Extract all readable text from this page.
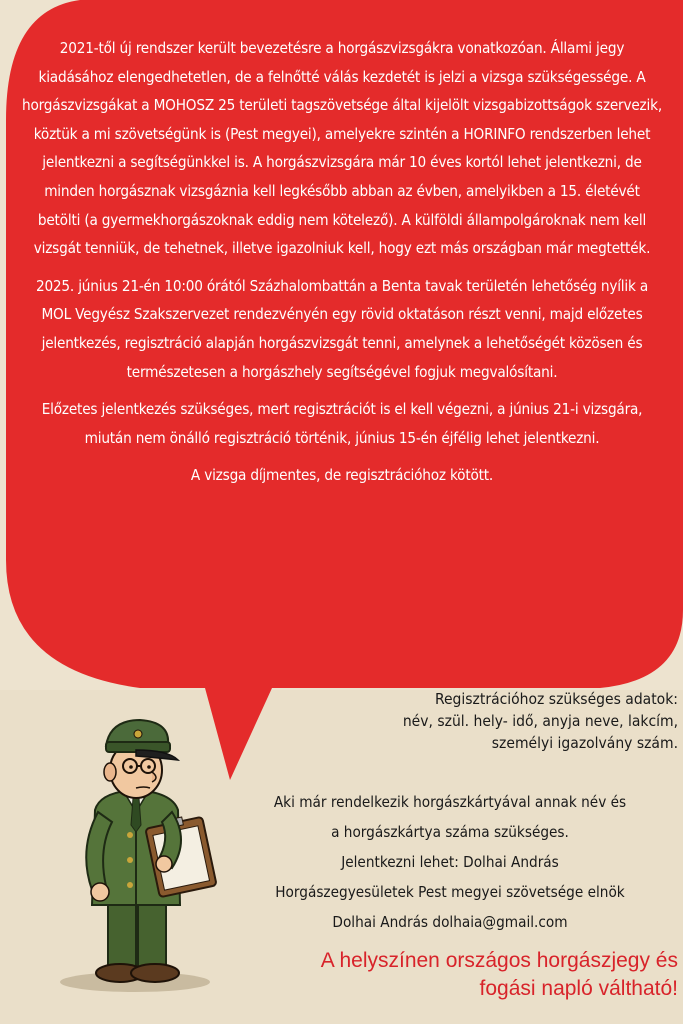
2021-től új rendszer került bevezetésre a horgászvizsgákra vonatkozóan. Állami jegy kiadásához elengedhetetlen, de a felnőtté válás kezdetét is jelzi a vizsga szükségessége. A horgászvizsgákat a MOHOSZ 25 területi tagszövetsége által kijelölt vizsgabizottságok szervezik, köztük a mi szövetségünk is (Pest megyei), amelyekre szintén a HORINFO rendszerben lehet jelentkezni a segítségünkkel is. A horgászvizsgára már 10 éves kortól lehet jelentkezni, de minden horgásznak vizsgáznia kell legkésőbb abban az évben, amelyikben a 15. életévét betölti (a gyermekhorgászoknak eddig nem kötelező). A külföldi állampolgároknak nem kell vizsgát tenniük, de tehetnek, illetve igazolniuk kell, hogy ezt más országban már megtették.

2025. június 21-én 10:00 órától Százhalombattán a Benta tavak területén lehetőség nyílik a MOL Vegyész Szakszervezet rendezvényén egy rövid oktatáson részt venni, majd előzetes jelentkezés, regisztráció alapján horgászvizsgát tenni, amelynek a lehetőségét közösen és természetesen a horgászhely segítségével fogjuk megvalósítani.

Előzetes jelentkezés szükséges, mert regisztrációt is el kell végezni, a június 21-i vizsgára, miután nem önálló regisztráció történik, június 15-én éjfélig lehet jelentkezni.

A vizsga díjmentes, de regisztrációhoz kötött.

Regisztrációhoz szükséges adatok:
név, szül. hely- idő, anyja neve, lakcím,
személyi igazolvány szám.
Aki már rendelkezik horgászkártyával annak név és
a horgászkártya száma szükséges.
Jelentkezni lehet: Dolhai András
Horgászegyesületek Pest megyei szövetsége elnök
Dolhai András dolhaia@gmail.com
A helyszínen országos horgászjegy és
fogási napló váltható!
